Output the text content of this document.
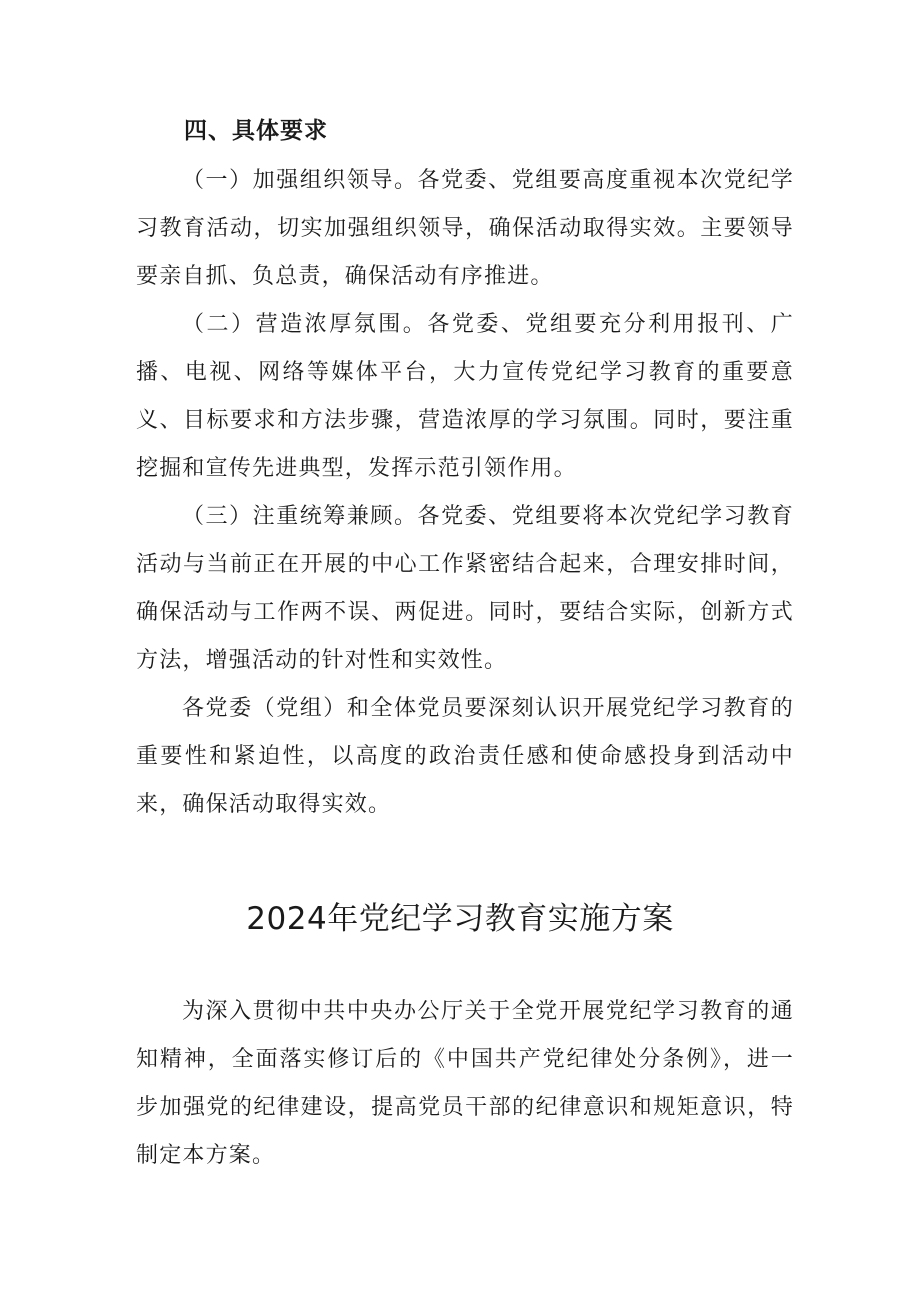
四、具体要求

（一）加强组织领导。各党委、党组要高度重视本次党纪学习教育活动，切实加强组织领导，确保活动取得实效。主要领导要亲自抓、负总责，确保活动有序推进。

（二）营造浓厚氛围。各党委、党组要充分利用报刊、广播、电视、网络等媒体平台，大力宣传党纪学习教育的重要意义、目标要求和方法步骤，营造浓厚的学习氛围。同时，要注重挖掘和宣传先进典型，发挥示范引领作用。

（三）注重统筹兼顾。各党委、党组要将本次党纪学习教育活动与当前正在开展的中心工作紧密结合起来，合理安排时间，确保活动与工作两不误、两促进。同时，要结合实际，创新方式方法，增强活动的针对性和实效性。

各党委（党组）和全体党员要深刻认识开展党纪学习教育的重要性和紧迫性，以高度的政治责任感和使命感投身到活动中来，确保活动取得实效。

2024年党纪学习教育实施方案

为深入贯彻中共中央办公厅关于全党开展党纪学习教育的通知精神，全面落实修订后的《中国共产党纪律处分条例》，进一步加强党的纪律建设，提高党员干部的纪律意识和规矩意识，特制定本方案。
